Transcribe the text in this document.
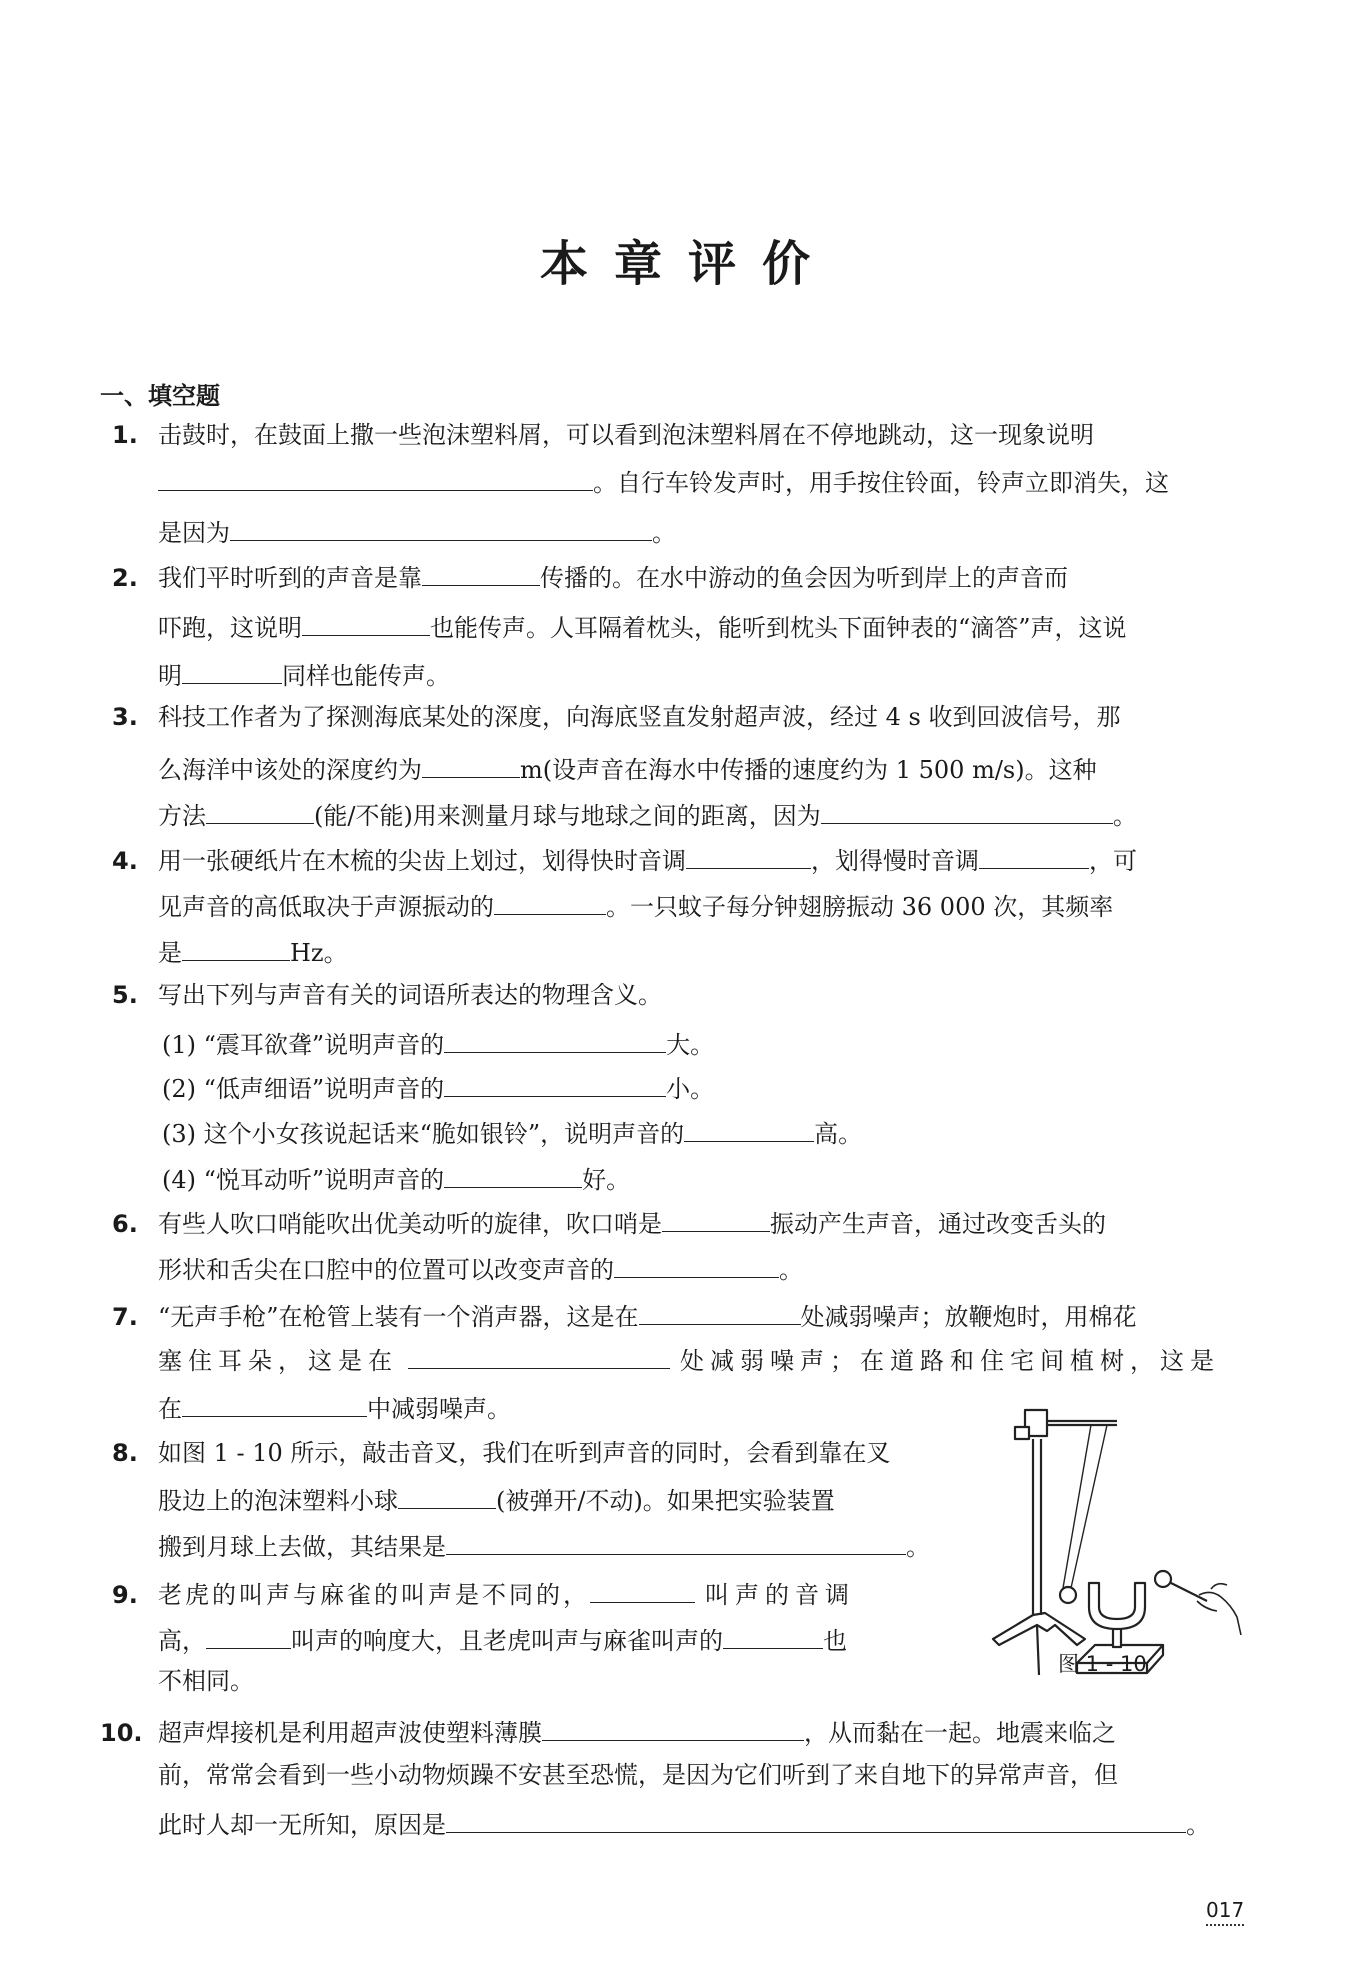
本章评价
一、填空题
1. 击鼓时，在鼓面上撒一些泡沫塑料屑，可以看到泡沫塑料屑在不停地跳动，这一现象说明
。自行车铃发声时，用手按住铃面，铃声立即消失，这
是因为	。
2. 我们平时听到的声音是靠	传播的。在水中游动的鱼会因为听到岸上的声音而
吓跑，这说明	也能传声。人耳隔着枕头，能听到枕头下面钟表的“滴答”声，这说
明	同样也能传声。
3. 科技工作者为了探测海底某处的深度，向海底竖直发射超声波，经过 4 s 收到回波信号，那
么海洋中该处的深度约为	m(设声音在海水中传播的速度约为 1 500 m/s)。这种
方法	(能/不能)用来测量月球与地球之间的距离，因为	。
4. 用一张硬纸片在木梳的尖齿上划过，划得快时音调	，划得慢时音调	，可
见声音的高低取决于声源振动的	。一只蚊子每分钟翅膀振动 36 000 次，其频率
是	Hz。
5. 写出下列与声音有关的词语所表达的物理含义。
(1) “震耳欲聋”说明声音的	大。
(2) “低声细语”说明声音的	小。
(3) 这个小女孩说起话来“脆如银铃”，说明声音的	高。
(4) “悦耳动听”说明声音的	好。
6. 有些人吹口哨能吹出优美动听的旋律，吹口哨是	振动产生声音，通过改变舌头的
形状和舌尖在口腔中的位置可以改变声音的	。
7. “无声手枪”在枪管上装有一个消声器，这是在	处减弱噪声；放鞭炮时，用棉花
塞住耳朵，这是在	处减弱噪声；在道路和住宅间植树，这是
在	中减弱噪声。
8. 如图 1 - 10 所示，敲击音叉，我们在听到声音的同时，会看到靠在叉
股边上的泡沫塑料小球	(被弹开/不动)。如果把实验装置
搬到月球上去做，其结果是	。
9. 老虎的叫声与麻雀的叫声是不同的，	叫声的音调
高，	叫声的响度大，且老虎叫声与麻雀叫声的	也
不相同。
10. 超声焊接机是利用超声波使塑料薄膜	，从而黏在一起。地震来临之
前，常常会看到一些小动物烦躁不安甚至恐慌，是因为它们听到了来自地下的异常声音，但
此时人却一无所知，原因是	。
图 1 - 10
017
